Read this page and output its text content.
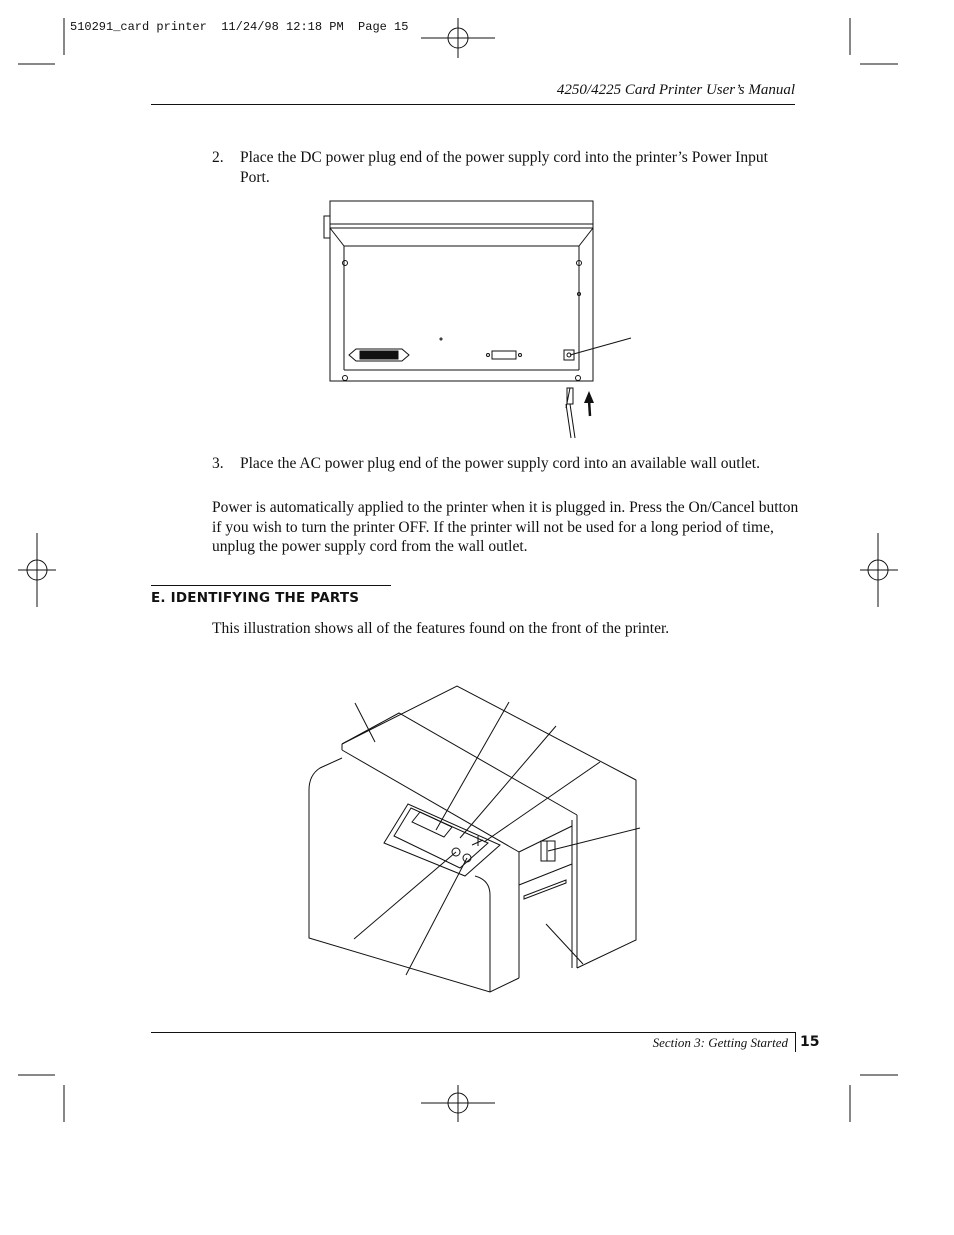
510291_card printer  11/24/98 12:18 PM  Page 15
4250/4225 Card Printer User’s Manual
2. Place the DC power plug end of the power supply cord into the printer’s Power Input Port.
3. Place the AC power plug end of the power supply cord into an available wall outlet.
Power is automatically applied to the printer when it is plugged in. Press the On/Cancel button if you wish to turn the printer OFF. If the printer will not be used for a long period of time, unplug the power supply cord from the wall outlet.
E. IDENTIFYING THE PARTS
This illustration shows all of the features found on the front of the printer.
Section 3: Getting Started 15
